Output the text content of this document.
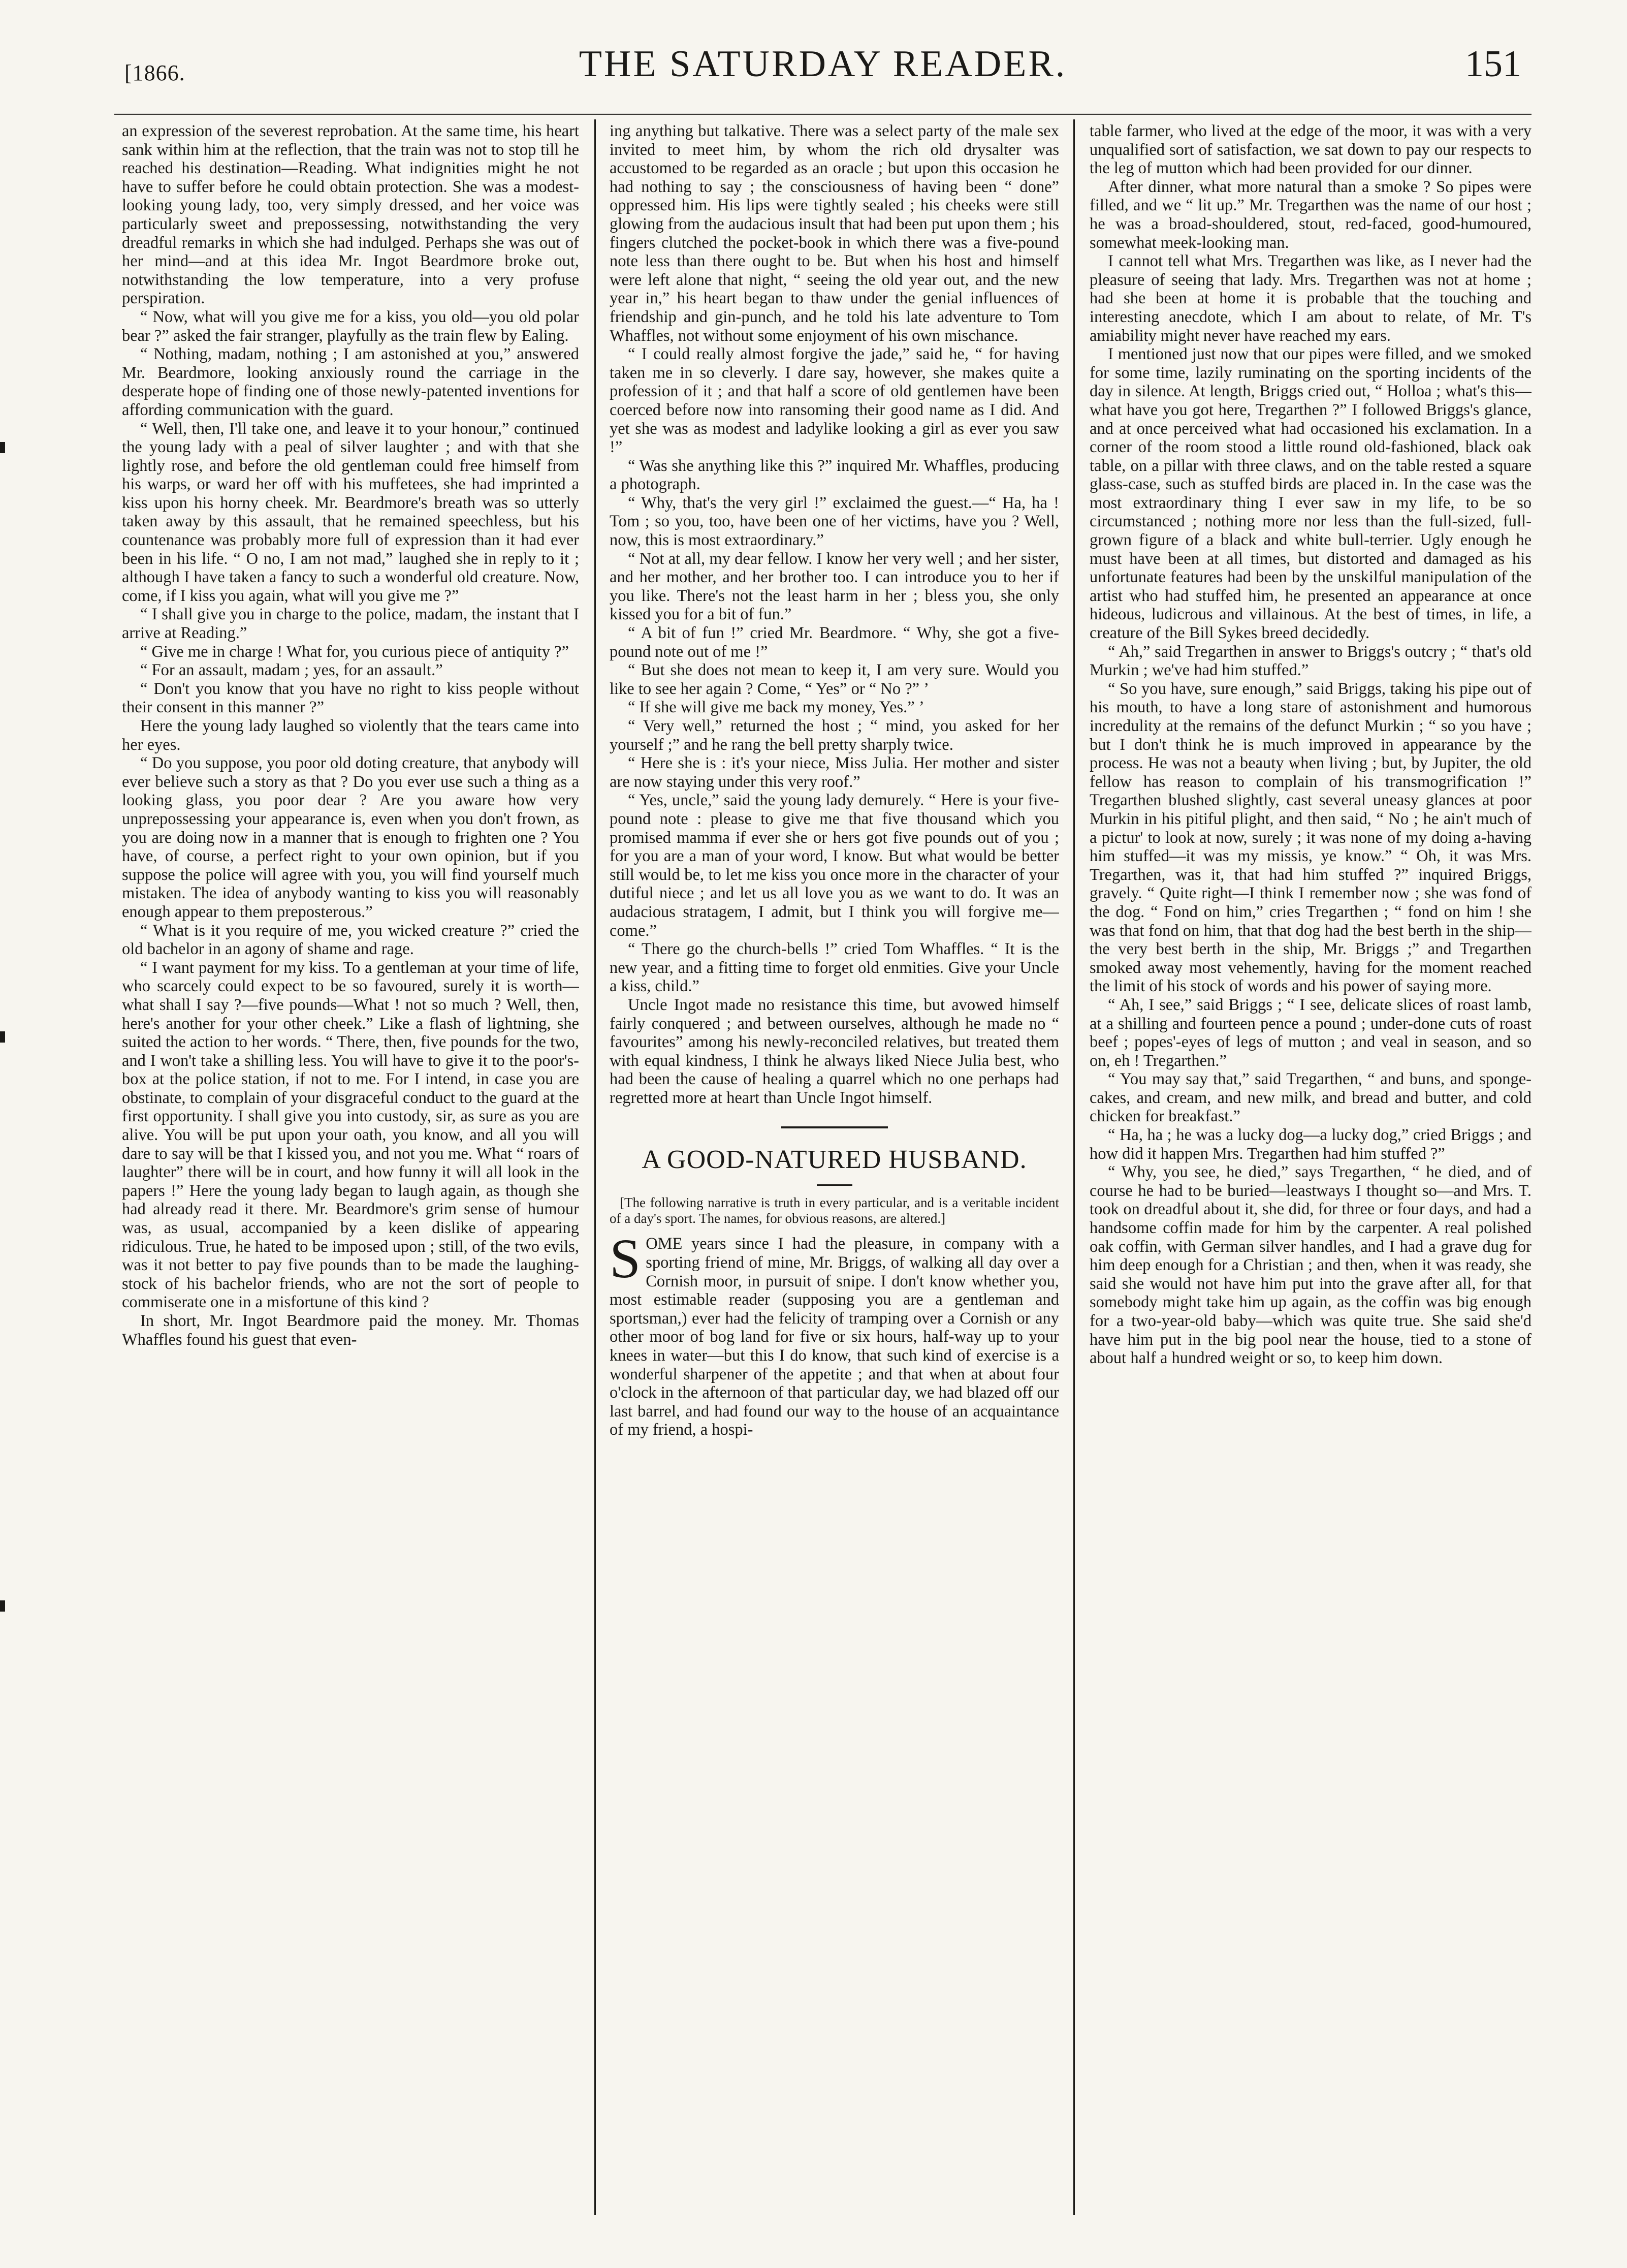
[1866.	THE SATURDAY READER.	151

an expression of the severest reprobation. At the same time, his heart sank within him at the reflection, that the train was not to stop till he reached his destination—Reading. What indignities might he not have to suffer before he could obtain protection. She was a modest-looking young lady, too, very simply dressed, and her voice was particularly sweet and prepossessing, notwithstanding the very dreadful remarks in which she had indulged. Perhaps she was out of her mind—and at this idea Mr. Ingot Beardmore broke out, notwithstanding the low temperature, into a very profuse perspiration.

“ Now, what will you give me for a kiss, you old—you old polar bear ?” asked the fair stranger, playfully as the train flew by Ealing.

“ Nothing, madam, nothing ; I am astonished at you,” answered Mr. Beardmore, looking anxiously round the carriage in the desperate hope of finding one of those newly-patented inventions for affording communication with the guard.

“ Well, then, I'll take one, and leave it to your honour,” continued the young lady with a peal of silver laughter ; and with that she lightly rose, and before the old gentleman could free himself from his warps, or ward her off with his muffetees, she had imprinted a kiss upon his horny cheek. Mr. Beardmore's breath was so utterly taken away by this assault, that he remained speechless, but his countenance was probably more full of expression than it had ever been in his life. “ O no, I am not mad,” laughed she in reply to it ; although I have taken a fancy to such a wonderful old creature. Now, come, if I kiss you again, what will you give me ?”

“ I shall give you in charge to the police, madam, the instant that I arrive at Reading.”

“ Give me in charge ! What for, you curious piece of antiquity ?”

“ For an assault, madam ; yes, for an assault.”

“ Don't you know that you have no right to kiss people without their consent in this manner ?”

Here the young lady laughed so violently that the tears came into her eyes.

“ Do you suppose, you poor old doting creature, that anybody will ever believe such a story as that ? Do you ever use such a thing as a looking glass, you poor dear ? Are you aware how very unprepossessing your appearance is, even when you don't frown, as you are doing now in a manner that is enough to frighten one ? You have, of course, a perfect right to your own opinion, but if you suppose the police will agree with you, you will find yourself much mistaken. The idea of anybody wanting to kiss you will reasonably enough appear to them preposterous.”

“ What is it you require of me, you wicked creature ?” cried the old bachelor in an agony of shame and rage.

“ I want payment for my kiss. To a gentleman at your time of life, who scarcely could expect to be so favoured, surely it is worth—what shall I say ?—five pounds—What ! not so much ? Well, then, here's another for your other cheek.” Like a flash of lightning, she suited the action to her words. “ There, then, five pounds for the two, and I won't take a shilling less. You will have to give it to the poor's-box at the police station, if not to me. For I intend, in case you are obstinate, to complain of your disgraceful conduct to the guard at the first opportunity. I shall give you into custody, sir, as sure as you are alive. You will be put upon your oath, you know, and all you will dare to say will be that I kissed you, and not you me. What “ roars of laughter” there will be in court, and how funny it will all look in the papers !” Here the young lady began to laugh again, as though she had already read it there. Mr. Beardmore's grim sense of humour was, as usual, accompanied by a keen dislike of appearing ridiculous. True, he hated to be imposed upon ; still, of the two evils, was it not better to pay five pounds than to be made the laughing-stock of his bachelor friends, who are not the sort of people to commiserate one in a misfortune of this kind ?

In short, Mr. Ingot Beardmore paid the money. Mr. Thomas Whaffles found his guest that even-

ing anything but talkative. There was a select party of the male sex invited to meet him, by whom the rich old drysalter was accustomed to be regarded as an oracle ; but upon this occasion he had nothing to say ; the consciousness of having been “ done” oppressed him. His lips were tightly sealed ; his cheeks were still glowing from the audacious insult that had been put upon them ; his fingers clutched the pocket-book in which there was a five-pound note less than there ought to be. But when his host and himself were left alone that night, “ seeing the old year out, and the new year in,” his heart began to thaw under the genial influences of friendship and gin-punch, and he told his late adventure to Tom Whaffles, not without some enjoyment of his own mischance.

“ I could really almost forgive the jade,” said he, “ for having taken me in so cleverly. I dare say, however, she makes quite a profession of it ; and that half a score of old gentlemen have been coerced before now into ransoming their good name as I did. And yet she was as modest and ladylike looking a girl as ever you saw !”

“ Was she anything like this ?” inquired Mr. Whaffles, producing a photograph.

“ Why, that's the very girl !” exclaimed the guest.—“ Ha, ha ! Tom ; so you, too, have been one of her victims, have you ? Well, now, this is most extraordinary.”

“ Not at all, my dear fellow. I know her very well ; and her sister, and her mother, and her brother too. I can introduce you to her if you like. There's not the least harm in her ; bless you, she only kissed you for a bit of fun.”

“ A bit of fun !” cried Mr. Beardmore. “ Why, she got a five-pound note out of me !”

“ But she does not mean to keep it, I am very sure. Would you like to see her again ? Come, “ Yes” or “ No ?” ’

“ If she will give me back my money, Yes.” ’

“ Very well,” returned the host ; “ mind, you asked for her yourself ;” and he rang the bell pretty sharply twice.

“ Here she is : it's your niece, Miss Julia. Her mother and sister are now staying under this very roof.”

“ Yes, uncle,” said the young lady demurely. “ Here is your five-pound note : please to give me that five thousand which you promised mamma if ever she or hers got five pounds out of you ; for you are a man of your word, I know. But what would be better still would be, to let me kiss you once more in the character of your dutiful niece ; and let us all love you as we want to do. It was an audacious stratagem, I admit, but I think you will forgive me—come.”

“ There go the church-bells !” cried Tom Whaffles. “ It is the new year, and a fitting time to forget old enmities. Give your Uncle a kiss, child.”

Uncle Ingot made no resistance this time, but avowed himself fairly conquered ; and between ourselves, although he made no “ favourites” among his newly-reconciled relatives, but treated them with equal kindness, I think he always liked Niece Julia best, who had been the cause of healing a quarrel which no one perhaps had regretted more at heart than Uncle Ingot himself.

A GOOD-NATURED HUSBAND.
[The following narrative is truth in every particular, and is a veritable incident of a day's sport. The names, for obvious reasons, are altered.]

SOME years since I had the pleasure, in company with a sporting friend of mine, Mr. Briggs, of walking all day over a Cornish moor, in pursuit of snipe. I don't know whether you, most estimable reader (supposing you are a gentleman and sportsman,) ever had the felicity of tramping over a Cornish or any other moor of bog land for five or six hours, half-way up to your knees in water—but this I do know, that such kind of exercise is a wonderful sharpener of the appetite ; and that when at about four o'clock in the afternoon of that particular day, we had blazed off our last barrel, and had found our way to the house of an acquaintance of my friend, a hospi-

table farmer, who lived at the edge of the moor, it was with a very unqualified sort of satisfaction, we sat down to pay our respects to the leg of mutton which had been provided for our dinner.

After dinner, what more natural than a smoke ? So pipes were filled, and we “ lit up.” Mr. Tregarthen was the name of our host ; he was a broad-shouldered, stout, red-faced, good-humoured, somewhat meek-looking man.

I cannot tell what Mrs. Tregarthen was like, as I never had the pleasure of seeing that lady. Mrs. Tregarthen was not at home ; had she been at home it is probable that the touching and interesting anecdote, which I am about to relate, of Mr. T's amiability might never have reached my ears.

I mentioned just now that our pipes were filled, and we smoked for some time, lazily ruminating on the sporting incidents of the day in silence. At length, Briggs cried out, “ Holloa ; what's this—what have you got here, Tregarthen ?” I followed Briggs's glance, and at once perceived what had occasioned his exclamation. In a corner of the room stood a little round old-fashioned, black oak table, on a pillar with three claws, and on the table rested a square glass-case, such as stuffed birds are placed in. In the case was the most extraordinary thing I ever saw in my life, to be so circumstanced ; nothing more nor less than the full-sized, full-grown figure of a black and white bull-terrier. Ugly enough he must have been at all times, but distorted and damaged as his unfortunate features had been by the unskilful manipulation of the artist who had stuffed him, he presented an appearance at once hideous, ludicrous and villainous. At the best of times, in life, a creature of the Bill Sykes breed decidedly.

“ Ah,” said Tregarthen in answer to Briggs's outcry ; “ that's old Murkin ; we've had him stuffed.”

“ So you have, sure enough,” said Briggs, taking his pipe out of his mouth, to have a long stare of astonishment and humorous incredulity at the remains of the defunct Murkin ; “ so you have ; but I don't think he is much improved in appearance by the process. He was not a beauty when living ; but, by Jupiter, the old fellow has reason to complain of his transmogrification !” Tregarthen blushed slightly, cast several uneasy glances at poor Murkin in his pitiful plight, and then said, “ No ; he ain't much of a pictur' to look at now, surely ; it was none of my doing a-having him stuffed—it was my missis, ye know.” “ Oh, it was Mrs. Tregarthen, was it, that had him stuffed ?” inquired Briggs, gravely. “ Quite right—I think I remember now ; she was fond of the dog. “ Fond on him,” cries Tregarthen ; “ fond on him ! she was that fond on him, that that dog had the best berth in the ship—the very best berth in the ship, Mr. Briggs ;” and Tregarthen smoked away most vehemently, having for the moment reached the limit of his stock of words and his power of saying more.

“ Ah, I see,” said Briggs ; “ I see, delicate slices of roast lamb, at a shilling and fourteen pence a pound ; under-done cuts of roast beef ; popes'-eyes of legs of mutton ; and veal in season, and so on, eh ! Tregarthen.”

“ You may say that,” said Tregarthen, “ and buns, and sponge-cakes, and cream, and new milk, and bread and butter, and cold chicken for breakfast.”

“ Ha, ha ; he was a lucky dog—a lucky dog,” cried Briggs ; and how did it happen Mrs. Tregarthen had him stuffed ?”

“ Why, you see, he died,” says Tregarthen, “ he died, and of course he had to be buried—leastways I thought so—and Mrs. T. took on dreadful about it, she did, for three or four days, and had a handsome coffin made for him by the carpenter. A real polished oak coffin, with German silver handles, and I had a grave dug for him deep enough for a Christian ; and then, when it was ready, she said she would not have him put into the grave after all, for that somebody might take him up again, as the coffin was big enough for a two-year-old baby—which was quite true. She said she'd have him put in the big pool near the house, tied to a stone of about half a hundred weight or so, to keep him down.
